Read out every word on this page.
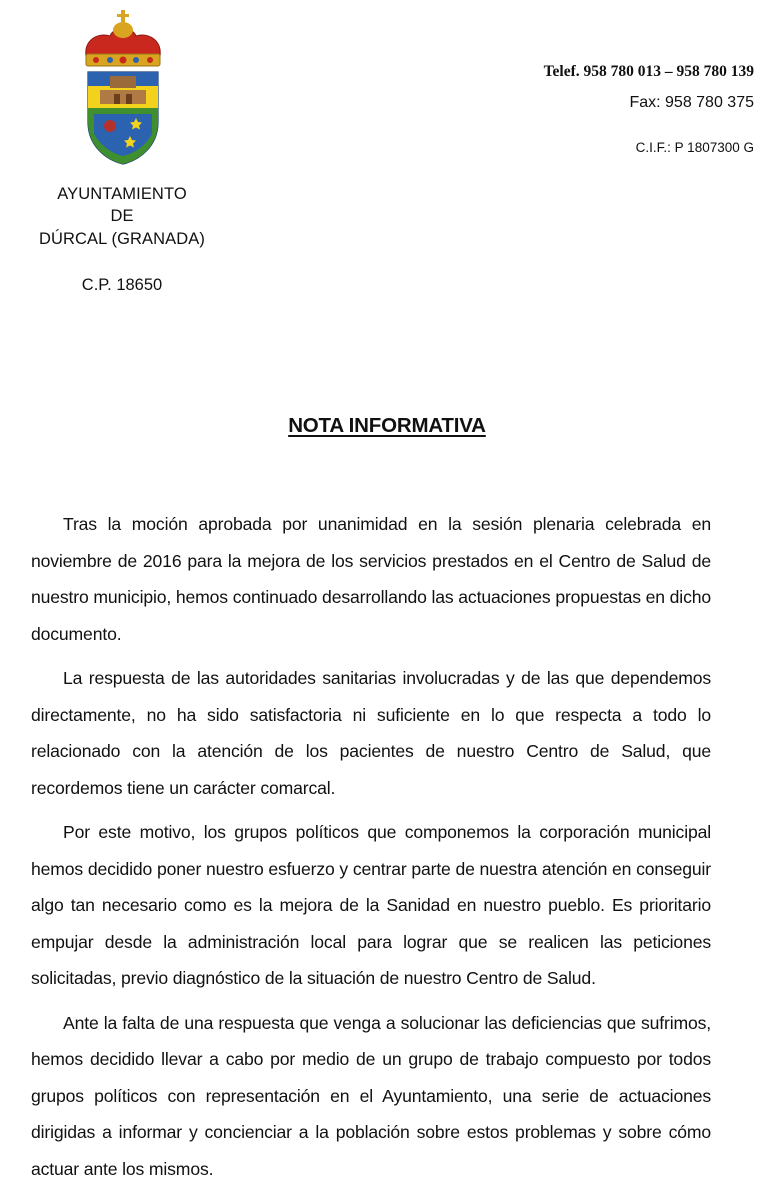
AYUNTAMIENTO
DE
DÚRCAL (GRANADA)
C.P. 18650
Telef. 958 780 013 – 958 780 139
Fax: 958 780 375
C.I.F.: P 1807300 G
NOTA INFORMATIVA

Tras la moción aprobada por unanimidad en la sesión plenaria celebrada en noviembre de 2016 para la mejora de los servicios prestados en el Centro de Salud de nuestro municipio, hemos continuado desarrollando las actuaciones propuestas en dicho documento.

La respuesta de las autoridades sanitarias involucradas y de las que dependemos directamente, no ha sido satisfactoria ni suficiente en lo que respecta a todo lo relacionado con la atención de los pacientes de nuestro Centro de Salud, que recordemos tiene un carácter comarcal.

Por este motivo, los grupos políticos que componemos la corporación municipal hemos decidido poner nuestro esfuerzo y centrar parte de nuestra atención en conseguir algo tan necesario como es la mejora de la Sanidad en nuestro pueblo. Es prioritario empujar desde la administración local para lograr que se realicen las peticiones solicitadas, previo diagnóstico de la situación de nuestro Centro de Salud.

Ante la falta de una respuesta que venga a solucionar las deficiencias que sufrimos, hemos decidido llevar a cabo por medio de un grupo de trabajo compuesto por todos grupos políticos con representación en el Ayuntamiento, una serie de actuaciones dirigidas a informar y concienciar a la población sobre estos problemas y sobre cómo actuar ante los mismos.
